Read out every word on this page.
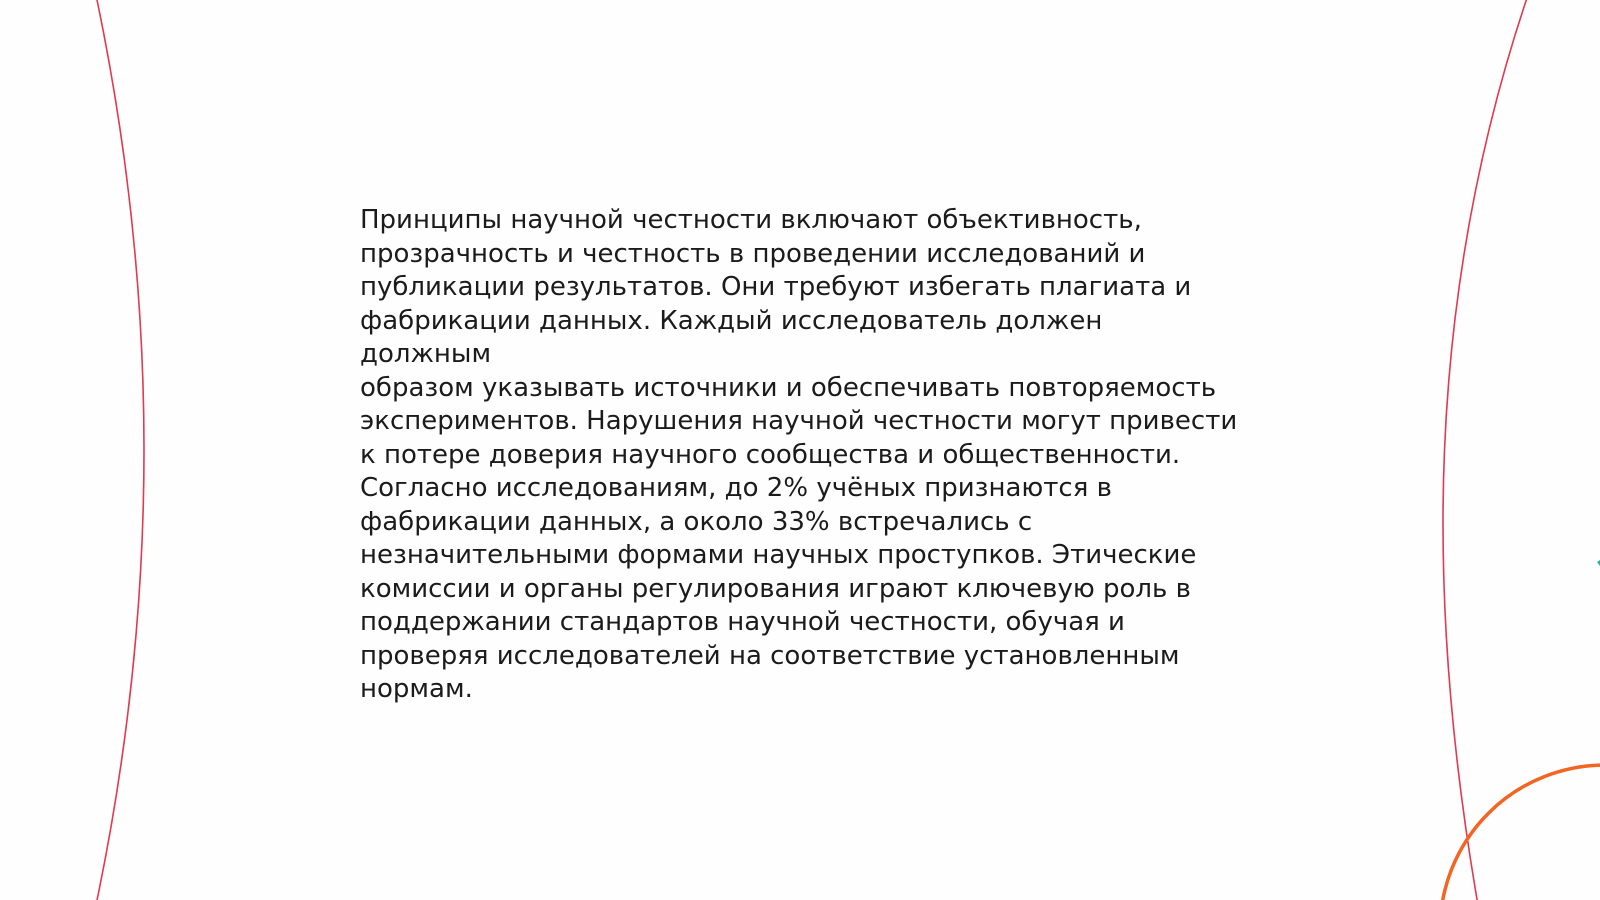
Принципы научной честности включают объективность,
прозрачность и честность в проведении исследований и
публикации результатов. Они требуют избегать плагиата и
фабрикации данных. Каждый исследователь должен должным
образом указывать источники и обеспечивать повторяемость
экспериментов. Нарушения научной честности могут привести
к потере доверия научного сообщества и общественности.
Согласно исследованиям, до 2% учёных признаются в
фабрикации данных, а около 33% встречались с
незначительными формами научных проступков. Этические
комиссии и органы регулирования играют ключевую роль в
поддержании стандартов научной честности, обучая и
проверяя исследователей на соответствие установленным
нормам.
